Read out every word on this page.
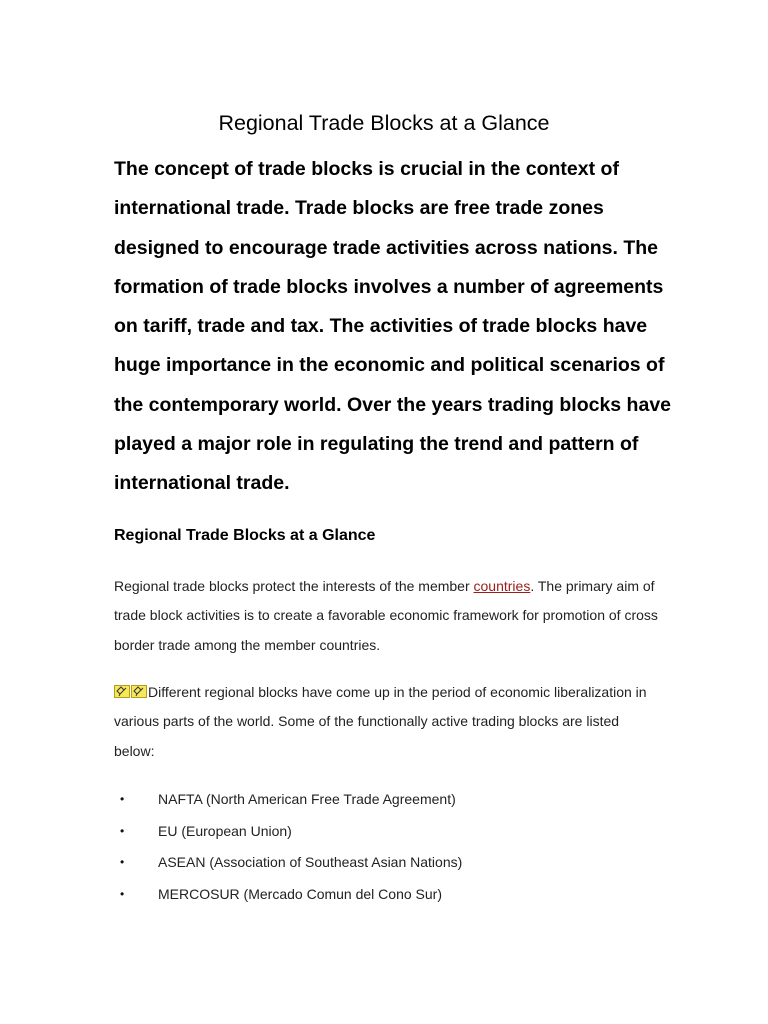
Regional Trade Blocks at a Glance

The concept of trade blocks is crucial in the context of international trade. Trade blocks are free trade zones designed to encourage trade activities across nations. The formation of trade blocks involves a number of agreements on tariff, trade and tax. The activities of trade blocks have huge importance in the economic and political scenarios of the contemporary world. Over the years trading blocks have played a major role in regulating the trend and pattern of international trade.

Regional Trade Blocks at a Glance

Regional trade blocks protect the interests of the member countries. The primary aim of trade block activities is to create a favorable economic framework for promotion of cross border trade among the member countries.

Different regional blocks have come up in the period of economic liberalization in various parts of the world. Some of the functionally active trading blocks are listed below:

• NAFTA (North American Free Trade Agreement)
• EU (European Union)
• ASEAN (Association of Southeast Asian Nations)
• MERCOSUR (Mercado Comun del Cono Sur)
